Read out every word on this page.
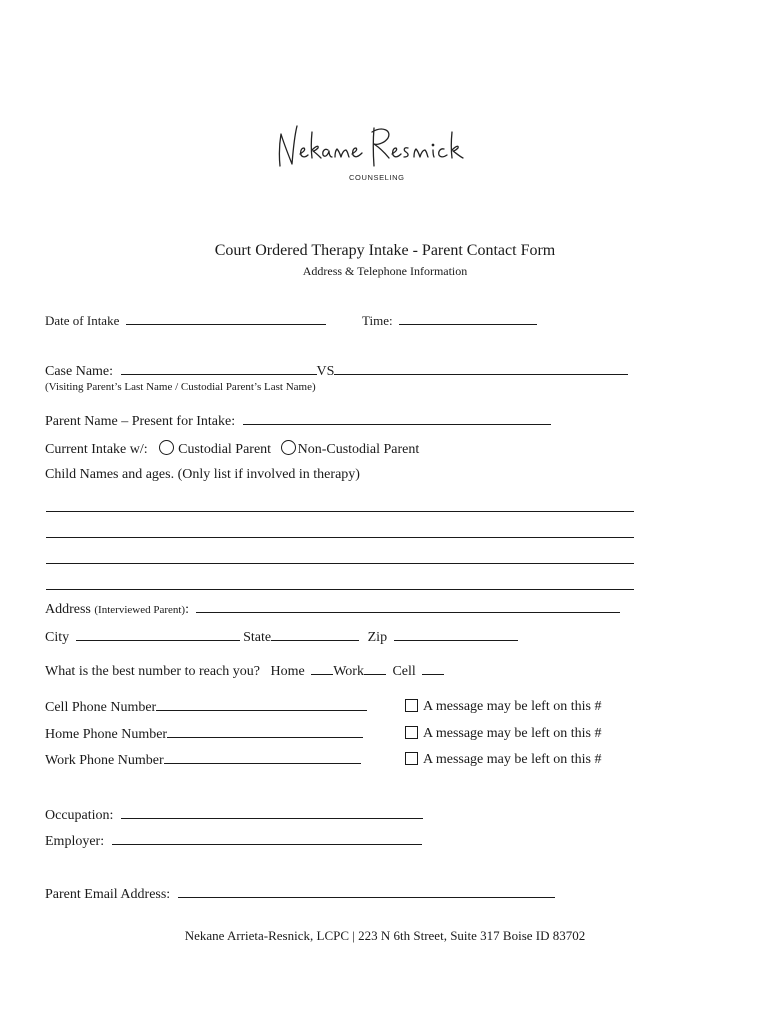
COUNSELING
Court Ordered Therapy Intake - Parent Contact Form
Address & Telephone Information
Date of Intake	Time:
Case Name:	VS
(Visiting Parent’s Last Name / Custodial Parent’s Last Name)
Parent Name – Present for Intake:
Current Intake w/: Custodial Parent Non-Custodial Parent
Child Names and ages. (Only list if involved in therapy)
Address (Interviewed Parent):
City	State	Zip
What is the best number to reach you? Home Work Cell
Cell Phone Number	A message may be left on this #
Home Phone Number	A message may be left on this #
Work Phone Number	A message may be left on this #
Occupation:
Employer:
Parent Email Address:
Nekane Arrieta-Resnick, LCPC | 223 N 6th Street, Suite 317 Boise ID 83702
